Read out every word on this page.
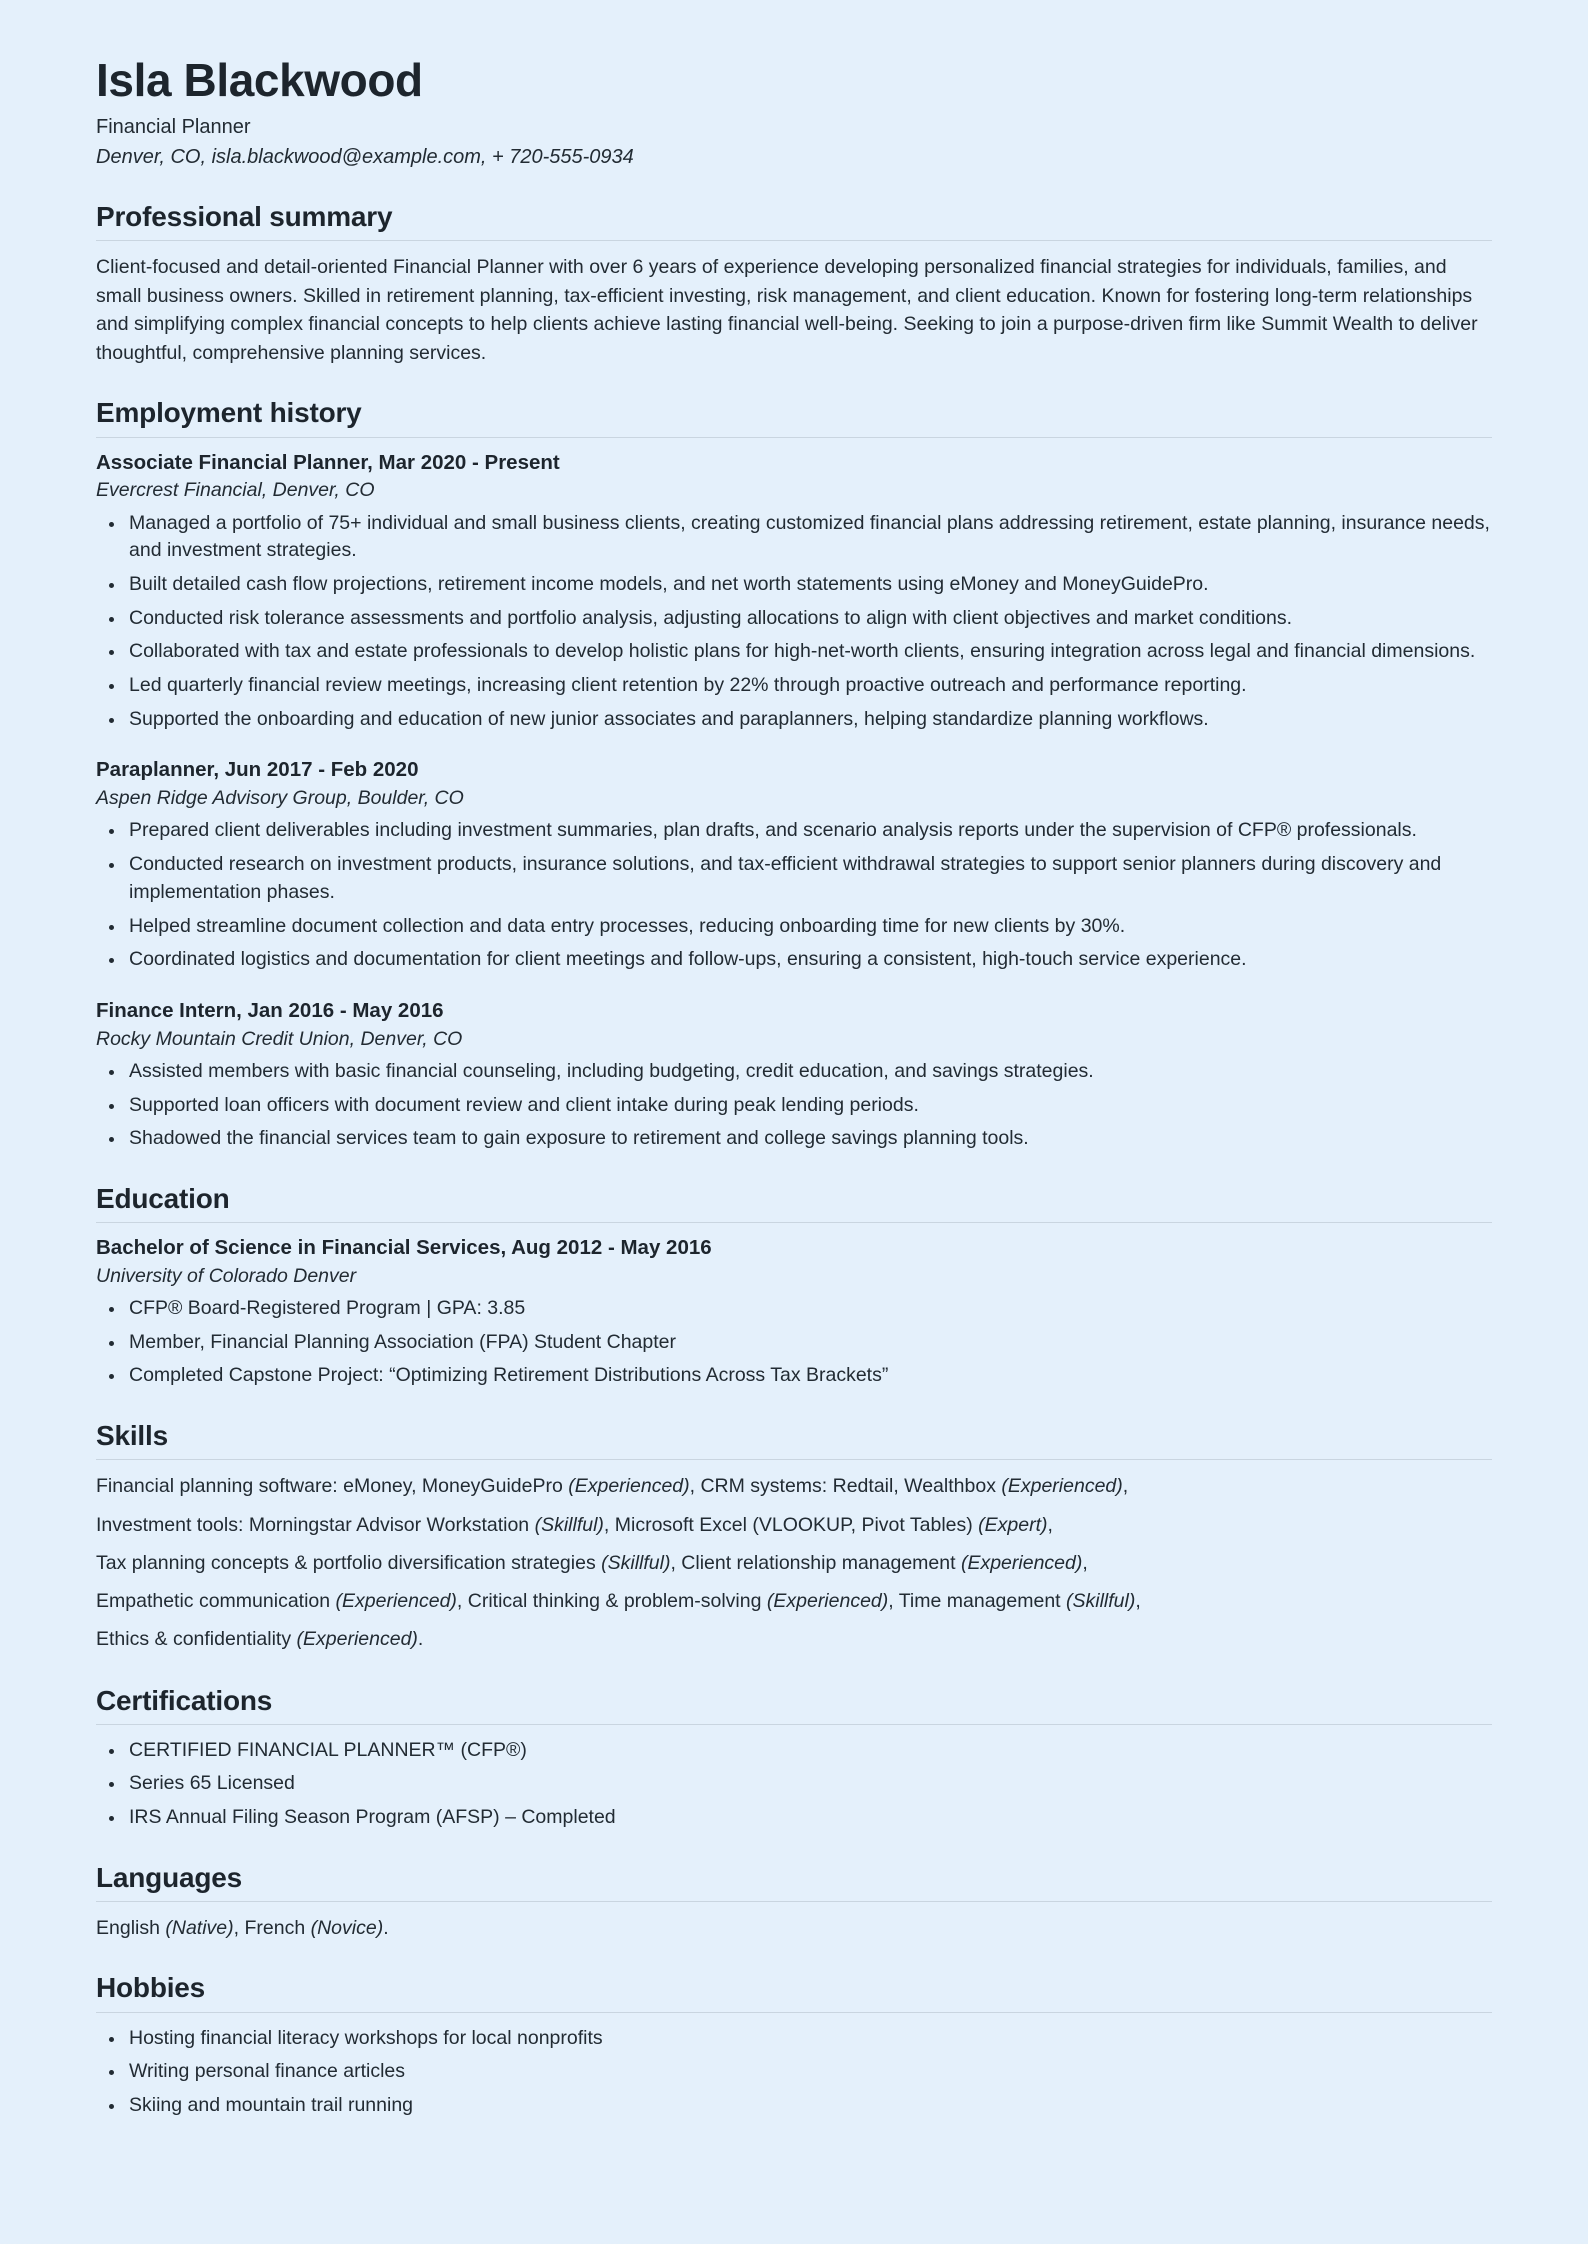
Isla Blackwood

Financial Planner

Denver, CO, isla.blackwood@example.com, + 720-555-0934

Professional summary

Client-focused and detail-oriented Financial Planner with over 6 years of experience developing personalized financial strategies for individuals, families, and small business owners. Skilled in retirement planning, tax-efficient investing, risk management, and client education. Known for fostering long-term relationships and simplifying complex financial concepts to help clients achieve lasting financial well-being. Seeking to join a purpose-driven firm like Summit Wealth to deliver thoughtful, comprehensive planning services.

Employment history
Associate Financial Planner, Mar 2020 - Present
Evercrest Financial, Denver, CO
Managed a portfolio of 75+ individual and small business clients, creating customized financial plans addressing retirement, estate planning, insurance needs, and investment strategies.
Built detailed cash flow projections, retirement income models, and net worth statements using eMoney and MoneyGuidePro.
Conducted risk tolerance assessments and portfolio analysis, adjusting allocations to align with client objectives and market conditions.
Collaborated with tax and estate professionals to develop holistic plans for high-net-worth clients, ensuring integration across legal and financial dimensions.
Led quarterly financial review meetings, increasing client retention by 22% through proactive outreach and performance reporting.
Supported the onboarding and education of new junior associates and paraplanners, helping standardize planning workflows.
Paraplanner, Jun 2017 - Feb 2020
Aspen Ridge Advisory Group, Boulder, CO
Prepared client deliverables including investment summaries, plan drafts, and scenario analysis reports under the supervision of CFP® professionals.
Conducted research on investment products, insurance solutions, and tax-efficient withdrawal strategies to support senior planners during discovery and implementation phases.
Helped streamline document collection and data entry processes, reducing onboarding time for new clients by 30%.
Coordinated logistics and documentation for client meetings and follow-ups, ensuring a consistent, high-touch service experience.
Finance Intern, Jan 2016 - May 2016
Rocky Mountain Credit Union, Denver, CO
Assisted members with basic financial counseling, including budgeting, credit education, and savings strategies.
Supported loan officers with document review and client intake during peak lending periods.
Shadowed the financial services team to gain exposure to retirement and college savings planning tools.
Education
Bachelor of Science in Financial Services, Aug 2012 - May 2016
University of Colorado Denver
CFP® Board-Registered Program | GPA: 3.85
Member, Financial Planning Association (FPA) Student Chapter
Completed Capstone Project: “Optimizing Retirement Distributions Across Tax Brackets”
Skills

Financial planning software: eMoney, MoneyGuidePro (Experienced), CRM systems: Redtail, Wealthbox (Experienced),

Investment tools: Morningstar Advisor Workstation (Skillful), Microsoft Excel (VLOOKUP, Pivot Tables) (Expert),

Tax planning concepts & portfolio diversification strategies (Skillful), Client relationship management (Experienced),

Empathetic communication (Experienced), Critical thinking & problem-solving (Experienced), Time management (Skillful),

Ethics & confidentiality (Experienced).

Certifications
CERTIFIED FINANCIAL PLANNER™ (CFP®)
Series 65 Licensed
IRS Annual Filing Season Program (AFSP) – Completed
Languages

English (Native), French (Novice).

Hobbies
Hosting financial literacy workshops for local nonprofits
Writing personal finance articles
Skiing and mountain trail running
